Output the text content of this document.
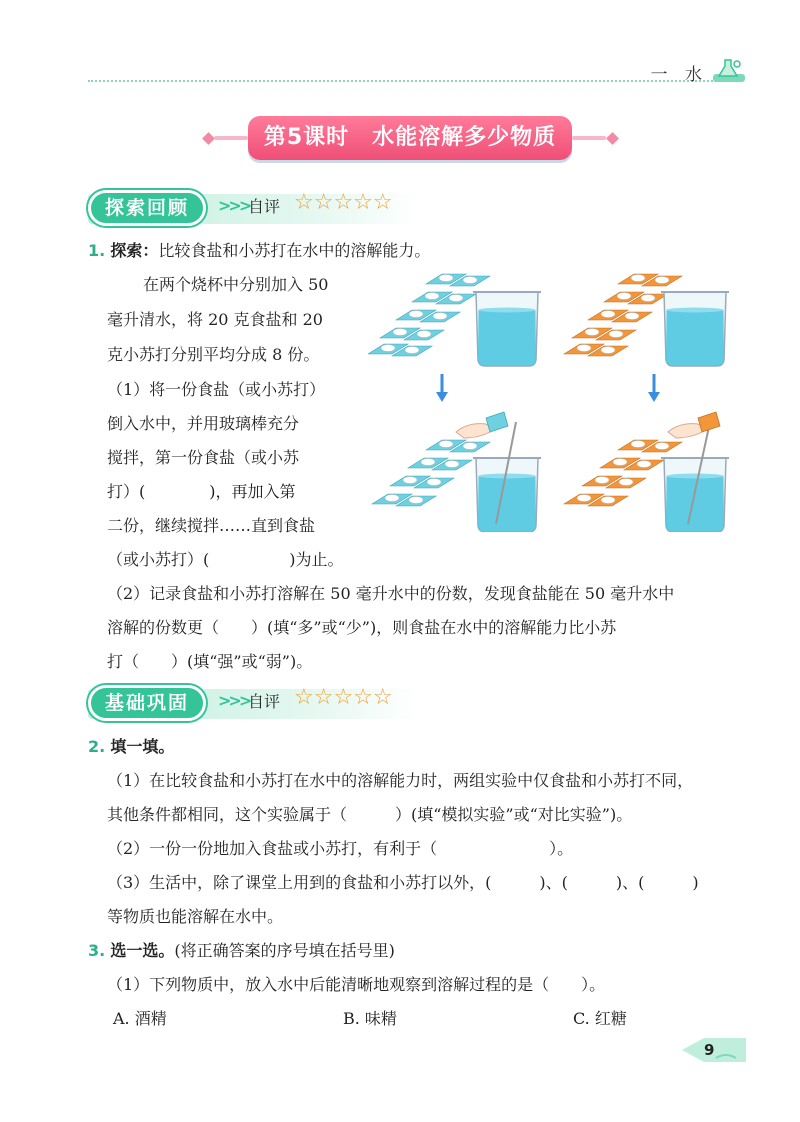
一 水
第5课时　水能溶解多少物质
探索回顾	>>>
自评 ☆☆☆☆☆
1. 探索：比较食盐和小苏打在水中的溶解能力。
在两个烧杯中分别加入 50
毫升清水，将 20 克食盐和 20
克小苏打分别平均分成 8 份。
（1）将一份食盐（或小苏打）
倒入水中，并用玻璃棒充分
搅拌，第一份食盐（或小苏
打）(　　　　)，再加入第
二份，继续搅拌……直到食盐
（或小苏打）(　　　　　)为止。
（2）记录食盐和小苏打溶解在 50 毫升水中的份数，发现食盐能在 50 毫升水中
溶解的份数更（　　）(填“多”或“少”)，则食盐在水中的溶解能力比小苏
打（　　）(填“强”或“弱”)。
基础巩固	>>>
自评 ☆☆☆☆☆
2. 填一填。
（1）在比较食盐和小苏打在水中的溶解能力时，两组实验中仅食盐和小苏打不同，
其他条件都相同，这个实验属于（　　　）(填“模拟实验”或“对比实验”)。
（2）一份一份地加入食盐或小苏打，有利于（　　　　　　　）。
（3）生活中，除了课堂上用到的食盐和小苏打以外，(　　　)、(　　　)、(　　　)
等物质也能溶解在水中。
3. 选一选。(将正确答案的序号填在括号里)
（1）下列物质中，放入水中后能清晰地观察到溶解过程的是（　　）。
A. 酒精	B. 味精	C. 红糖
9
